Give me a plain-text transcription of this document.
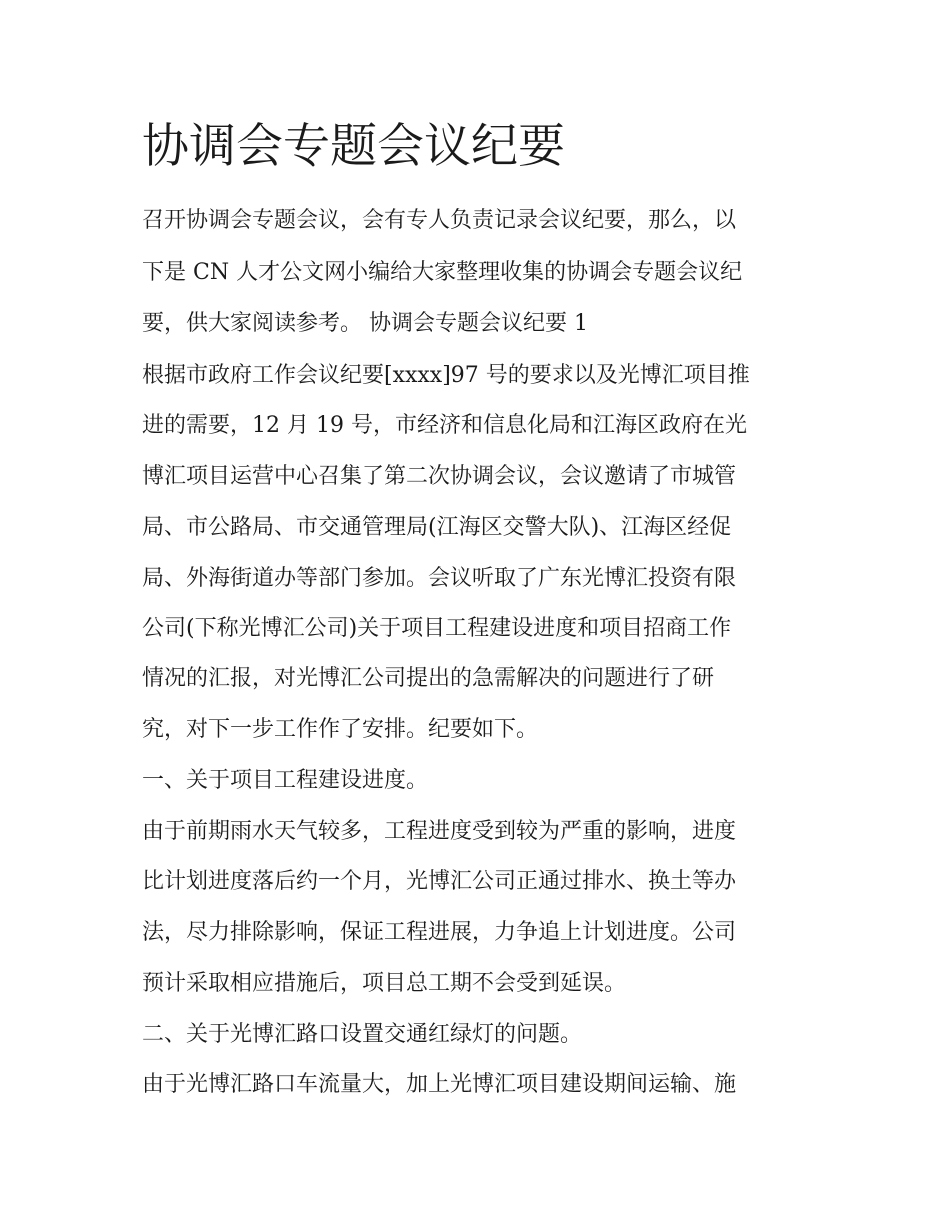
协调会专题会议纪要
召开协调会专题会议，会有专人负责记录会议纪要，那么，以
下是 CN 人才公文网小编给大家整理收集的协调会专题会议纪
要，供大家阅读参考。 协调会专题会议纪要 1
根据市政府工作会议纪要[xxxx]97 号的要求以及光博汇项目推
进的需要，12 月 19 号，市经济和信息化局和江海区政府在光
博汇项目运营中心召集了第二次协调会议，会议邀请了市城管
局、市公路局、市交通管理局(江海区交警大队)、江海区经促
局、外海街道办等部门参加。会议听取了广东光博汇投资有限
公司(下称光博汇公司)关于项目工程建设进度和项目招商工作
情况的汇报，对光博汇公司提出的急需解决的问题进行了研
究，对下一步工作作了安排。纪要如下。
一、关于项目工程建设进度。
由于前期雨水天气较多，工程进度受到较为严重的影响，进度
比计划进度落后约一个月，光博汇公司正通过排水、换土等办
法，尽力排除影响，保证工程进展，力争追上计划进度。公司
预计采取相应措施后，项目总工期不会受到延误。
二、关于光博汇路口设置交通红绿灯的问题。
由于光博汇路口车流量大，加上光博汇项目建设期间运输、施
